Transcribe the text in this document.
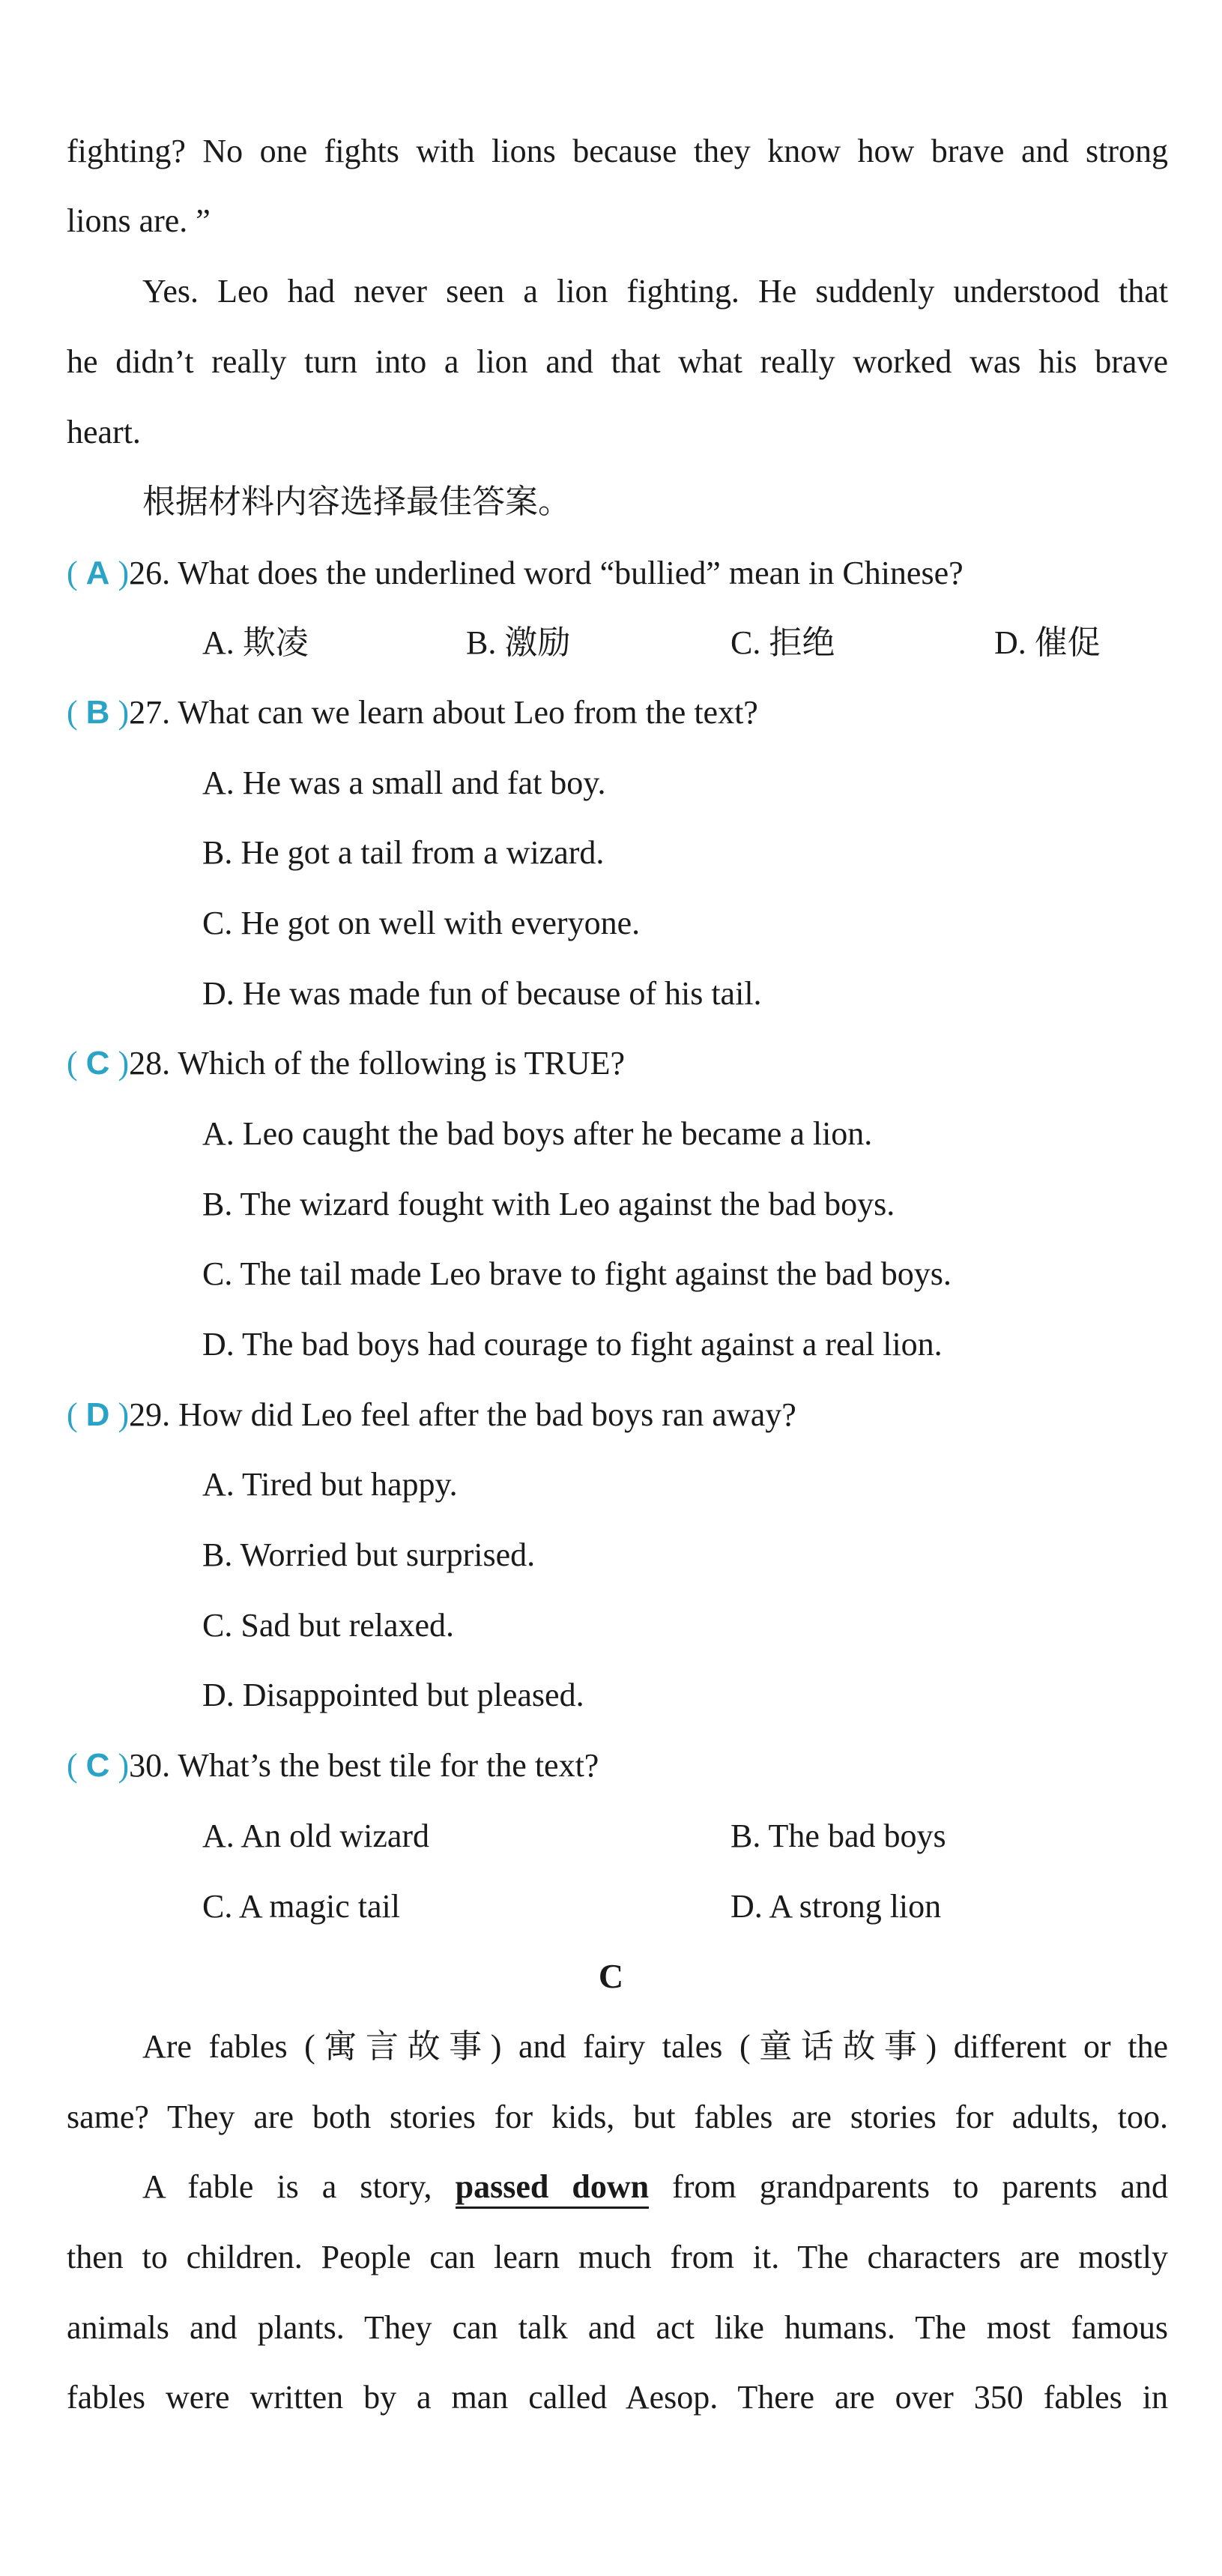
fighting? No one fights with lions because they know how brave and strong
lions are. ”
Yes. Leo had never seen a lion fighting. He suddenly understood that
he didn’t really turn into a lion and that what really worked was his brave
heart.
根据材料内容选择最佳答案。
( A )26. What does the underlined word “bullied” mean in Chinese?
A. 欺凌	B. 激励	C. 拒绝	D. 催促
( B )27. What can we learn about Leo from the text?
A. He was a small and fat boy.
B. He got a tail from a wizard.
C. He got on well with everyone.
D. He was made fun of because of his tail.
( C )28. Which of the following is TRUE?
A. Leo caught the bad boys after he became a lion.
B. The wizard fought with Leo against the bad boys.
C. The tail made Leo brave to fight against the bad boys.
D. The bad boys had courage to fight against a real lion.
( D )29. How did Leo feel after the bad boys ran away?
A. Tired but happy.
B. Worried but surprised.
C. Sad but relaxed.
D. Disappointed but pleased.
( C )30. What’s the best tile for the text?
A. An old wizard	B. The bad boys
C. A magic tail	D. A strong lion
C
Are fables (寓言故事) and fairy tales (童话故事) different or the
same? They are both stories for kids, but fables are stories for adults, too.
A fable is a story, passed down from grandparents to parents and
then to children. People can learn much from it. The characters are mostly
animals and plants. They can talk and act like humans. The most famous
fables were written by a man called Aesop. There are over 350 fables in
